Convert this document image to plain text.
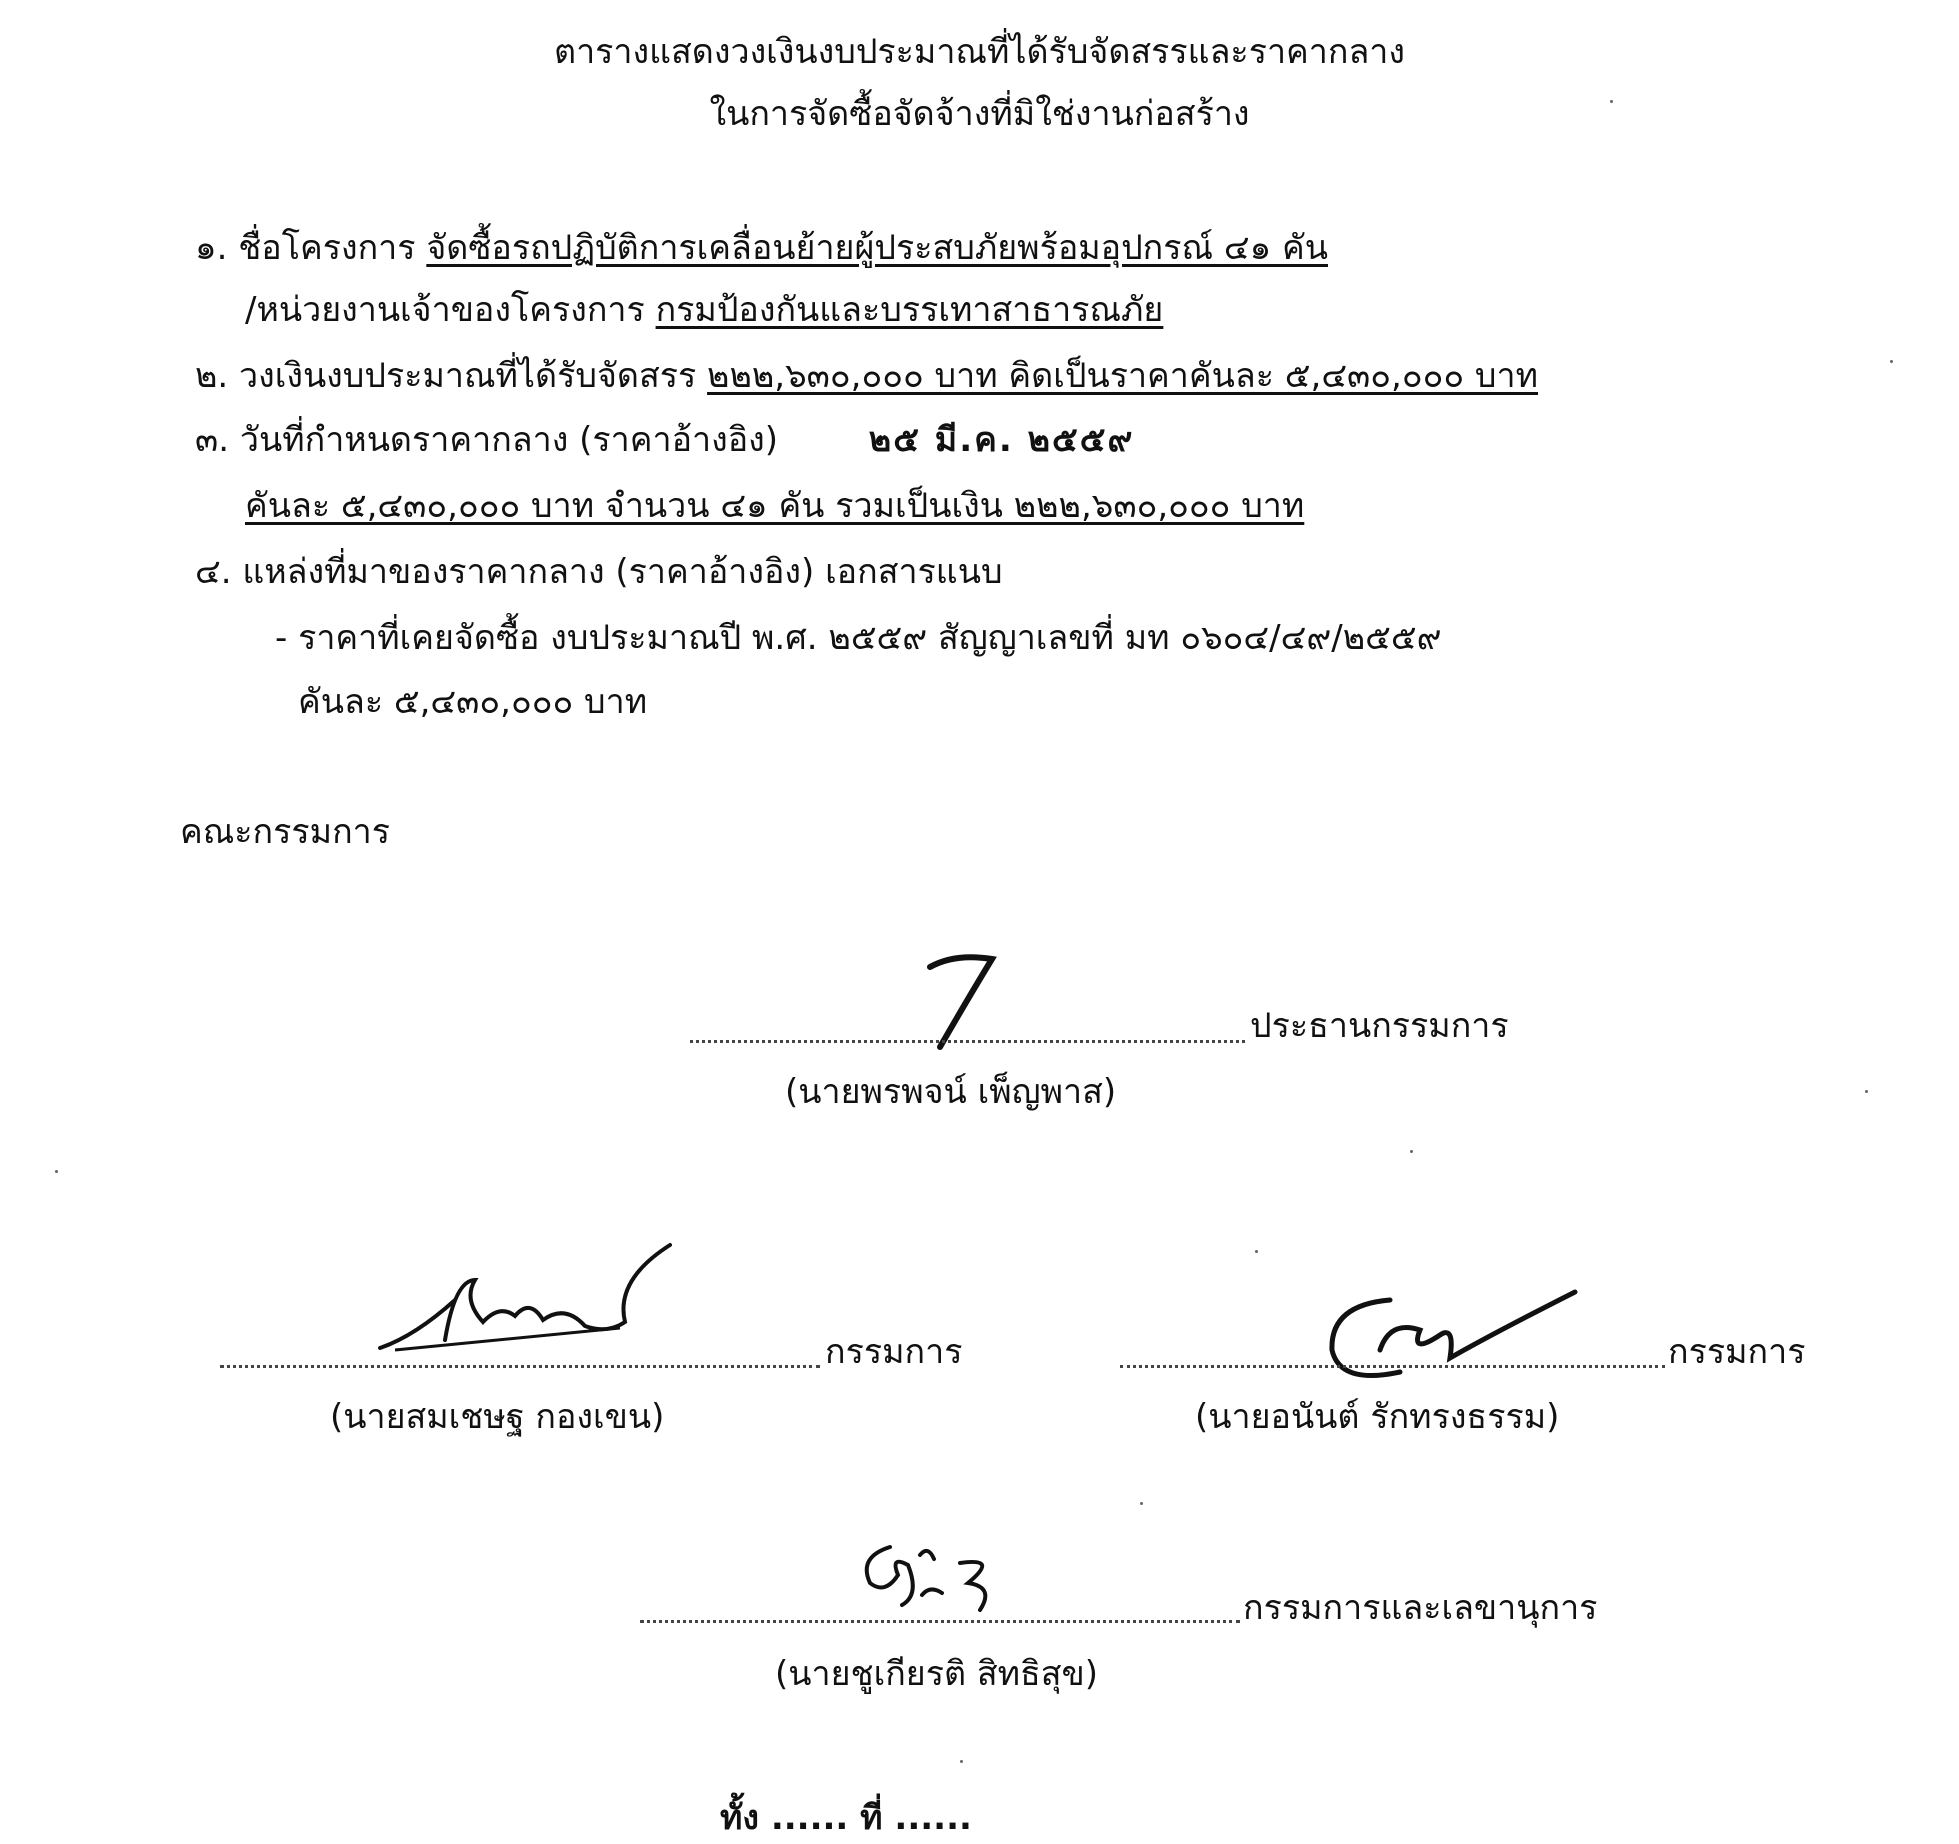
ตารางแสดงวงเงินงบประมาณที่ได้รับจัดสรรและราคากลาง
ในการจัดซื้อจัดจ้างที่มิใช่งานก่อสร้าง
๑. ชื่อโครงการ จัดซื้อรถปฏิบัติการเคลื่อนย้ายผู้ประสบภัยพร้อมอุปกรณ์ ๔๑ คัน
/หน่วยงานเจ้าของโครงการ กรมป้องกันและบรรเทาสาธารณภัย
๒. วงเงินงบประมาณที่ได้รับจัดสรร ๒๒๒,๖๓๐,๐๐๐ บาท คิดเป็นราคาคันละ ๕,๔๓๐,๐๐๐ บาท
๓. วันที่กำหนดราคากลาง (ราคาอ้างอิง)	๒๕ มี.ค. ๒๕๕๙
คันละ ๕,๔๓๐,๐๐๐ บาท จำนวน ๔๑ คัน รวมเป็นเงิน ๒๒๒,๖๓๐,๐๐๐ บาท
๔. แหล่งที่มาของราคากลาง (ราคาอ้างอิง) เอกสารแนบ
- ราคาที่เคยจัดซื้อ งบประมาณปี พ.ศ. ๒๕๕๙ สัญญาเลขที่ มท ๐๖๐๔/๔๙/๒๕๕๙
คันละ ๕,๔๓๐,๐๐๐ บาท
คณะกรรมการ
ประธานกรรมการ
(นายพรพจน์ เพ็ญพาส)
กรรมการ
(นายสมเชษฐ กองเขน)
กรรมการ
(นายอนันต์ รักทรงธรรม)
กรรมการและเลขานุการ
(นายชูเกียรติ สิทธิสุข)
ทั้ง ...... ที่ ......
